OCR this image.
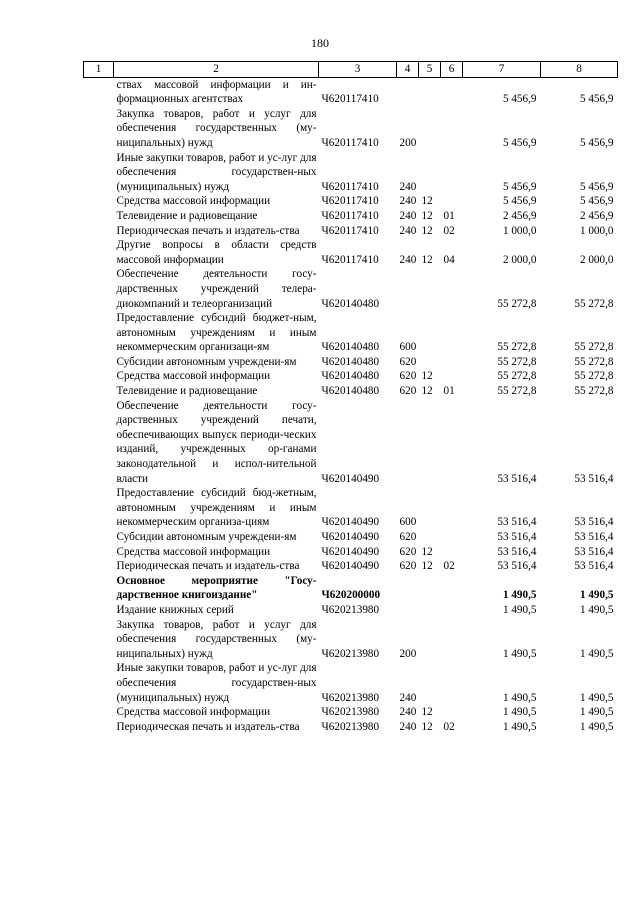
180
1	2	3	4	5	6	7	8
	ствах массовой информации и ин-формационных агентствах	Ч620117410				5 456,9	5 456,9
	Закупка товаров, работ и услуг для обеспечения государственных (му-ниципальных) нужд	Ч620117410	200			5 456,9	5 456,9
	Иные закупки товаров, работ и ус-луг для обеспечения государствен-ных (муниципальных) нужд	Ч620117410	240			5 456,9	5 456,9
	Средства массовой информации	Ч620117410	240	12		5 456,9	5 456,9
	Телевидение и радиовещание	Ч620117410	240	12	01	2 456,9	2 456,9
	Периодическая печать и издатель-ства	Ч620117410	240	12	02	1 000,0	1 000,0
	Другие вопросы в области средств массовой информации	Ч620117410	240	12	04	2 000,0	2 000,0
	Обеспечение деятельности госу-дарственных учреждений телера-диокомпаний и телеорганизаций	Ч620140480				55 272,8	55 272,8
	Предоставление субсидий бюджет-ным, автономным учреждениям и иным некоммерческим организаци-ям	Ч620140480	600			55 272,8	55 272,8
	Субсидии автономным учреждени-ям	Ч620140480	620			55 272,8	55 272,8
	Средства массовой информации	Ч620140480	620	12		55 272,8	55 272,8
	Телевидение и радиовещание	Ч620140480	620	12	01	55 272,8	55 272,8
	Обеспечение деятельности госу-дарственных учреждений печати, обеспечивающих выпуск периоди-ческих изданий, учрежденных ор-ганами законодательной и испол-нительной власти	Ч620140490				53 516,4	53 516,4
	Предоставление субсидий бюд-жетным, автономным учреждениям и иным некоммерческим организа-циям	Ч620140490	600			53 516,4	53 516,4
	Субсидии автономным учреждени-ям	Ч620140490	620			53 516,4	53 516,4
	Средства массовой информации	Ч620140490	620	12		53 516,4	53 516,4
	Периодическая печать и издатель-ства	Ч620140490	620	12	02	53 516,4	53 516,4
	Основное мероприятие "Госу-дарственное книгоиздание"	Ч620200000				1 490,5	1 490,5
	Издание книжных серий	Ч620213980				1 490,5	1 490,5
	Закупка товаров, работ и услуг для обеспечения государственных (му-ниципальных) нужд	Ч620213980	200			1 490,5	1 490,5
	Иные закупки товаров, работ и ус-луг для обеспечения государствен-ных (муниципальных) нужд	Ч620213980	240			1 490,5	1 490,5
	Средства массовой информации	Ч620213980	240	12		1 490,5	1 490,5
	Периодическая печать и издатель-ства	Ч620213980	240	12	02	1 490,5	1 490,5
